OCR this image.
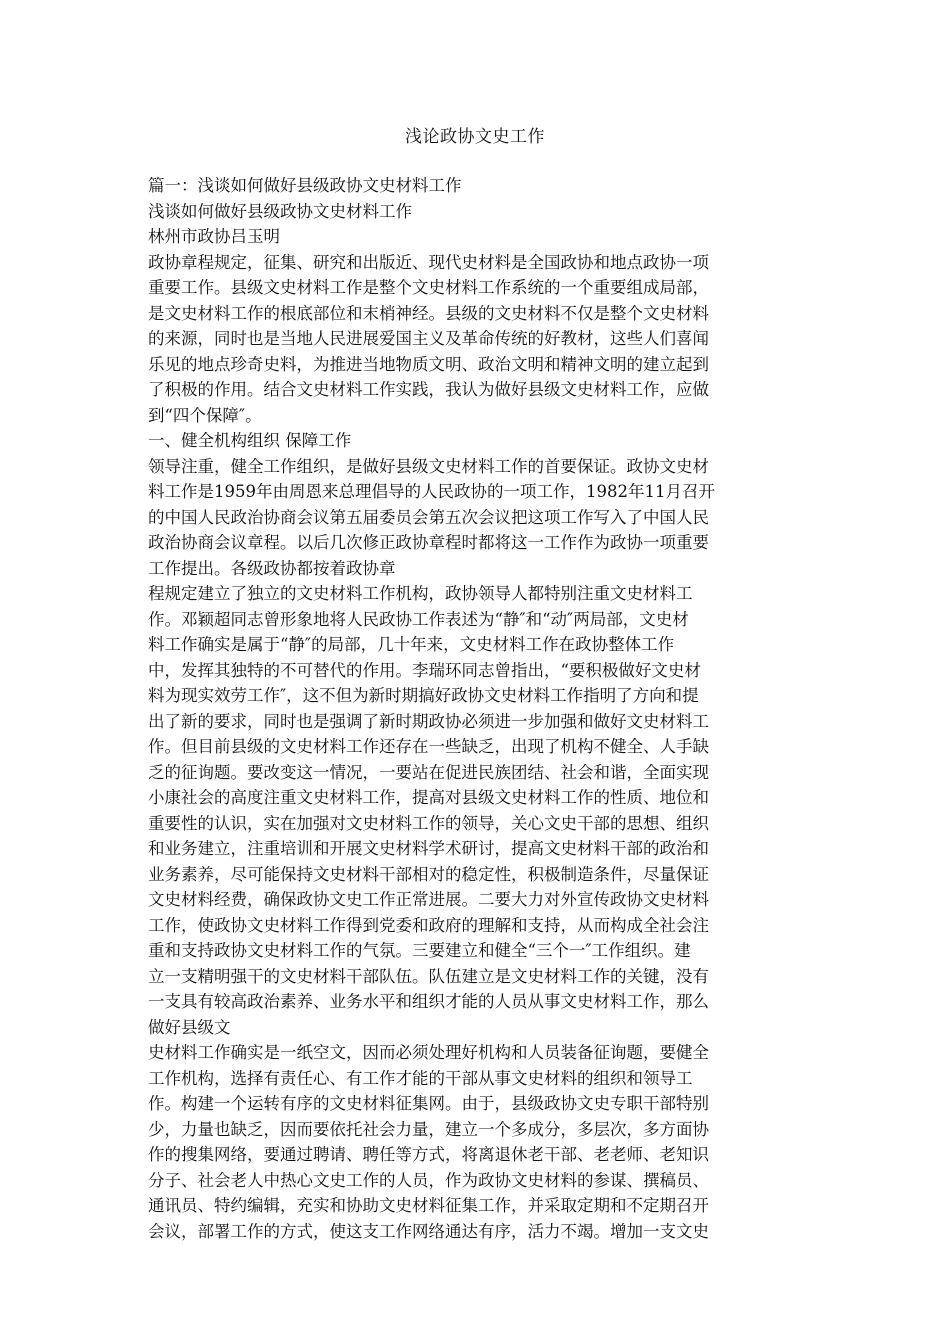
浅论政协文史工作
篇一：浅谈如何做好县级政协文史材料工作
浅谈如何做好县级政协文史材料工作
林州市政协吕玉明
政协章程规定，征集、研究和出版近、现代史材料是全国政协和地点政协一项
重要工作。县级文史材料工作是整个文史材料工作系统的一个重要组成局部，
是文史材料工作的根底部位和末梢神经。县级的文史材料不仅是整个文史材料
的来源，同时也是当地人民进展爱国主义及革命传统的好教材，这些人们喜闻
乐见的地点珍奇史料，为推进当地物质文明、政治文明和精神文明的建立起到
了积极的作用。结合文史材料工作实践，我认为做好县级文史材料工作，应做
到“四个保障″。
一、健全机构组织 保障工作
领导注重，健全工作组织，是做好县级文史材料工作的首要保证。政协文史材
料工作是1959年由周恩来总理倡导的人民政协的一项工作，1982年11月召开
的中国人民政治协商会议第五届委员会第五次会议把这项工作写入了中国人民
政治协商会议章程。以后几次修正政协章程时都将这一工作作为政协一项重要
工作提出。各级政协都按着政协章
程规定建立了独立的文史材料工作机构，政协领导人都特别注重文史材料工
作。邓颖超同志曾形象地将人民政协工作表述为“静″和“动″两局部，文史材
料工作确实是属于“静″的局部，几十年来，文史材料工作在政协整体工作
中，发挥其独特的不可替代的作用。李瑞环同志曾指出，“要积极做好文史材
料为现实效劳工作″，这不但为新时期搞好政协文史材料工作指明了方向和提
出了新的要求，同时也是强调了新时期政协必须进一步加强和做好文史材料工
作。但目前县级的文史材料工作还存在一些缺乏，出现了机构不健全、人手缺
乏的征询题。要改变这一情况，一要站在促进民族团结、社会和谐，全面实现
小康社会的高度注重文史材料工作，提高对县级文史材料工作的性质、地位和
重要性的认识，实在加强对文史材料工作的领导，关心文史干部的思想、组织
和业务建立，注重培训和开展文史材料学术研讨，提高文史材料干部的政治和
业务素养，尽可能保持文史材料干部相对的稳定性，积极制造条件，尽量保证
文史材料经费，确保政协文史工作正常进展。二要大力对外宣传政协文史材料
工作，使政协文史材料工作得到党委和政府的理解和支持，从而构成全社会注
重和支持政协文史材料工作的气氛。三要建立和健全“三个一″工作组织。建
立一支精明强干的文史材料干部队伍。队伍建立是文史材料工作的关键，没有
一支具有较高政治素养、业务水平和组织才能的人员从事文史材料工作，那么
做好县级文
史材料工作确实是一纸空文，因而必须处理好机构和人员装备征询题，要健全
工作机构，选择有责任心、有工作才能的干部从事文史材料的组织和领导工
作。构建一个运转有序的文史材料征集网。由于，县级政协文史专职干部特别
少，力量也缺乏，因而要依托社会力量，建立一个多成分，多层次，多方面协
作的搜集网络，要通过聘请、聘任等方式，将离退休老干部、老老师、老知识
分子、社会老人中热心文史工作的人员，作为政协文史材料的参谋、撰稿员、
通讯员、特约编辑，充实和协助文史材料征集工作，并采取定期和不定期召开
会议，部署工作的方式，使这支工作网络通达有序，活力不竭。增加一支文史
